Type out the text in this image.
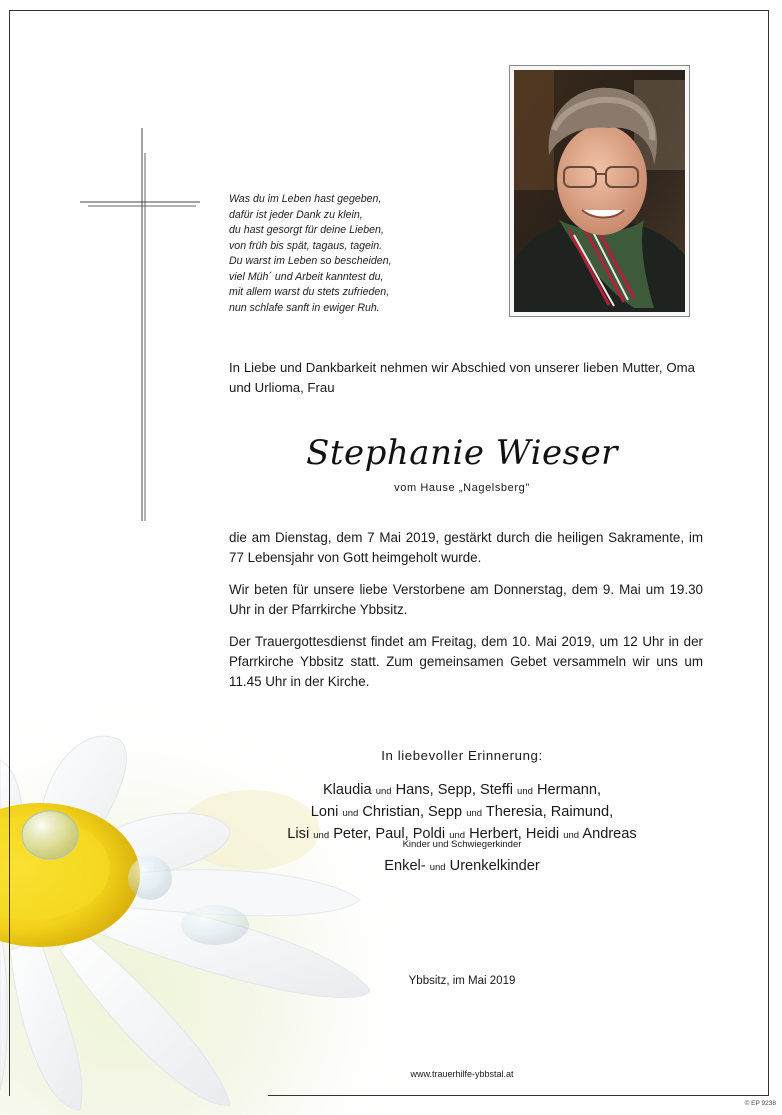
Was du im Leben hast gegeben,
dafür ist jeder Dank zu klein,
du hast gesorgt für deine Lieben,
von früh bis spät, tagaus, tagein.
Du warst im Leben so bescheiden,
viel Müh´ und Arbeit kanntest du,
mit allem warst du stets zufrieden,
nun schlafe sanft in ewiger Ruh.
In Liebe und Dankbarkeit nehmen wir Abschied von unserer lieben Mutter, Oma und Urlioma, Frau
Stephanie Wieser
vom Hause „Nagelsberg"
die am Dienstag, dem 7 Mai 2019, gestärkt durch die heiligen Sakramente, im 77 Lebensjahr von Gott heimgeholt wurde.
Wir beten für unsere liebe Verstorbene am Donnerstag, dem 9. Mai um 19.30 Uhr in der Pfarrkirche Ybbsitz.
Der Trauergottesdienst findet am Freitag, dem 10. Mai 2019, um 12 Uhr in der Pfarrkirche Ybbsitz statt. Zum gemeinsamen Gebet versammeln wir uns um 11.45 Uhr in der Kirche.
In liebevoller Erinnerung:
Klaudia und Hans, Sepp, Steffi und Hermann,
Loni und Christian, Sepp und Theresia, Raimund,
Lisi und Peter, Paul, Poldi und Herbert, Heidi und Andreas
Kinder und Schwiegerkinder
Enkel- und Urenkelkinder
Ybbsitz, im Mai 2019
www.trauerhilfe-ybbstal.at
© EP 9238
